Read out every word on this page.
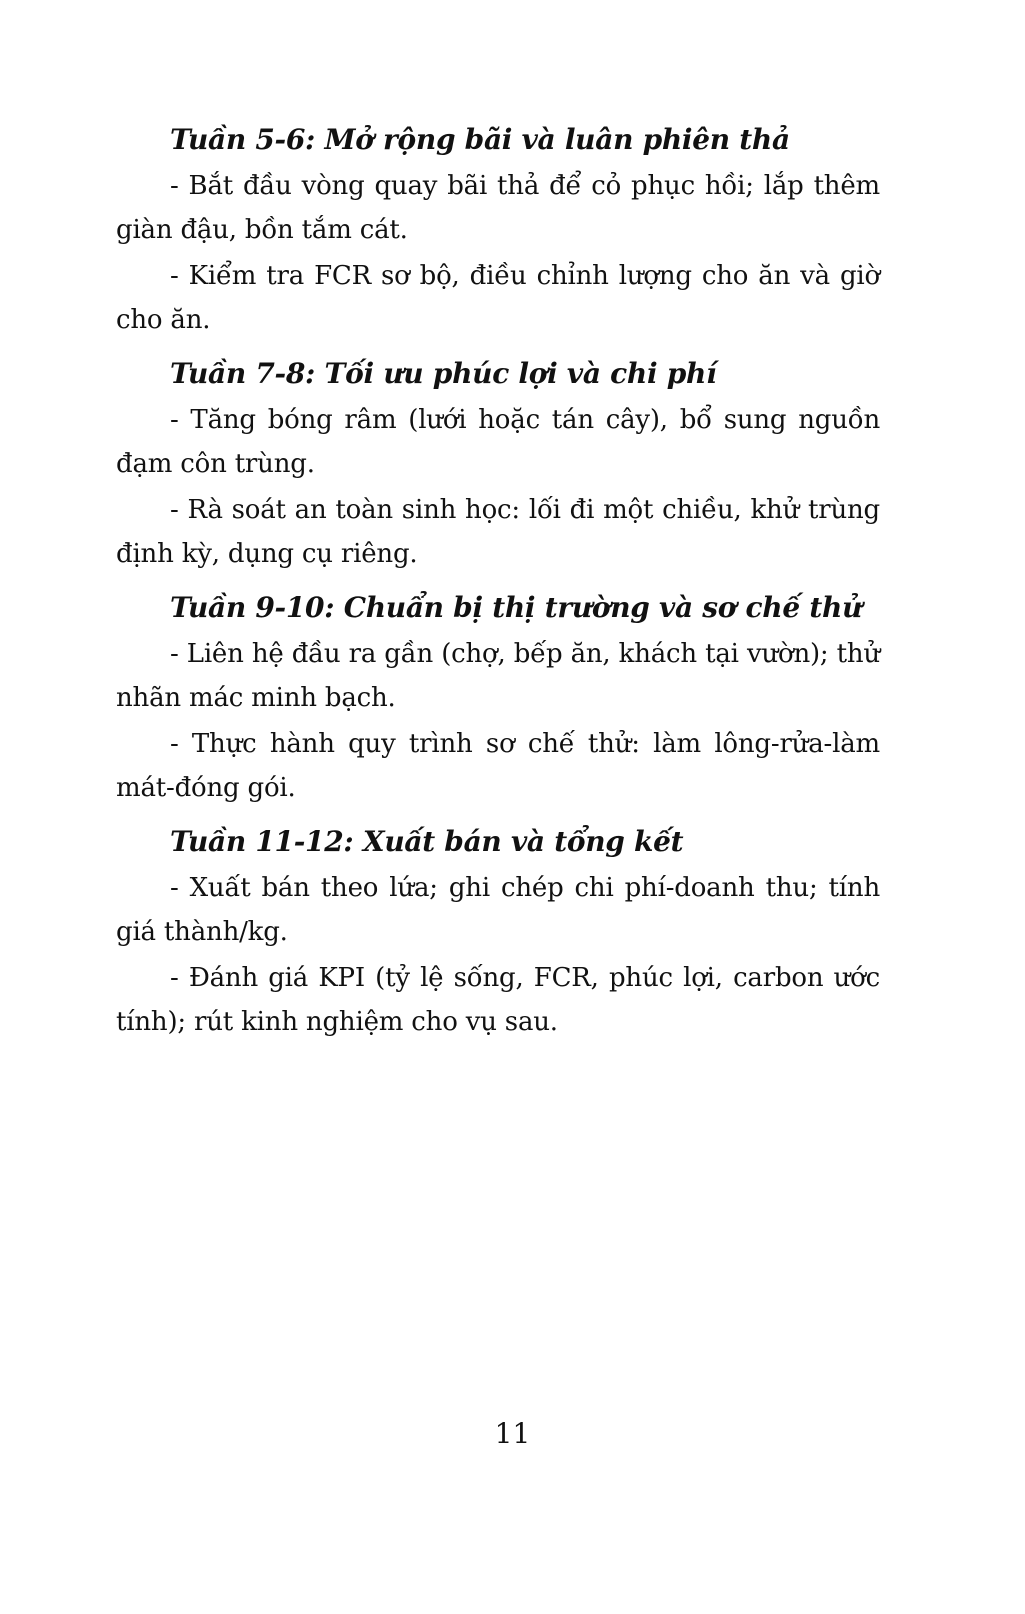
Tuần 5-6: Mở rộng bãi và luân phiên thả

- Bắt đầu vòng quay bãi thả để cỏ phục hồi; lắp thêm giàn đậu, bồn tắm cát.

- Kiểm tra FCR sơ bộ, điều chỉnh lượng cho ăn và giờ cho ăn.

Tuần 7-8: Tối ưu phúc lợi và chi phí

- Tăng bóng râm (lưới hoặc tán cây), bổ sung nguồn đạm côn trùng.

- Rà soát an toàn sinh học: lối đi một chiều, khử trùng định kỳ, dụng cụ riêng.

Tuần 9-10: Chuẩn bị thị trường và sơ chế thử

- Liên hệ đầu ra gần (chợ, bếp ăn, khách tại vườn); thử nhãn mác minh bạch.

- Thực hành quy trình sơ chế thử: làm lông-rửa-làm mát-đóng gói.

Tuần 11-12: Xuất bán và tổng kết

- Xuất bán theo lứa; ghi chép chi phí-doanh thu; tính giá thành/kg.

- Đánh giá KPI (tỷ lệ sống, FCR, phúc lợi, carbon ước tính); rút kinh nghiệm cho vụ sau.

11
